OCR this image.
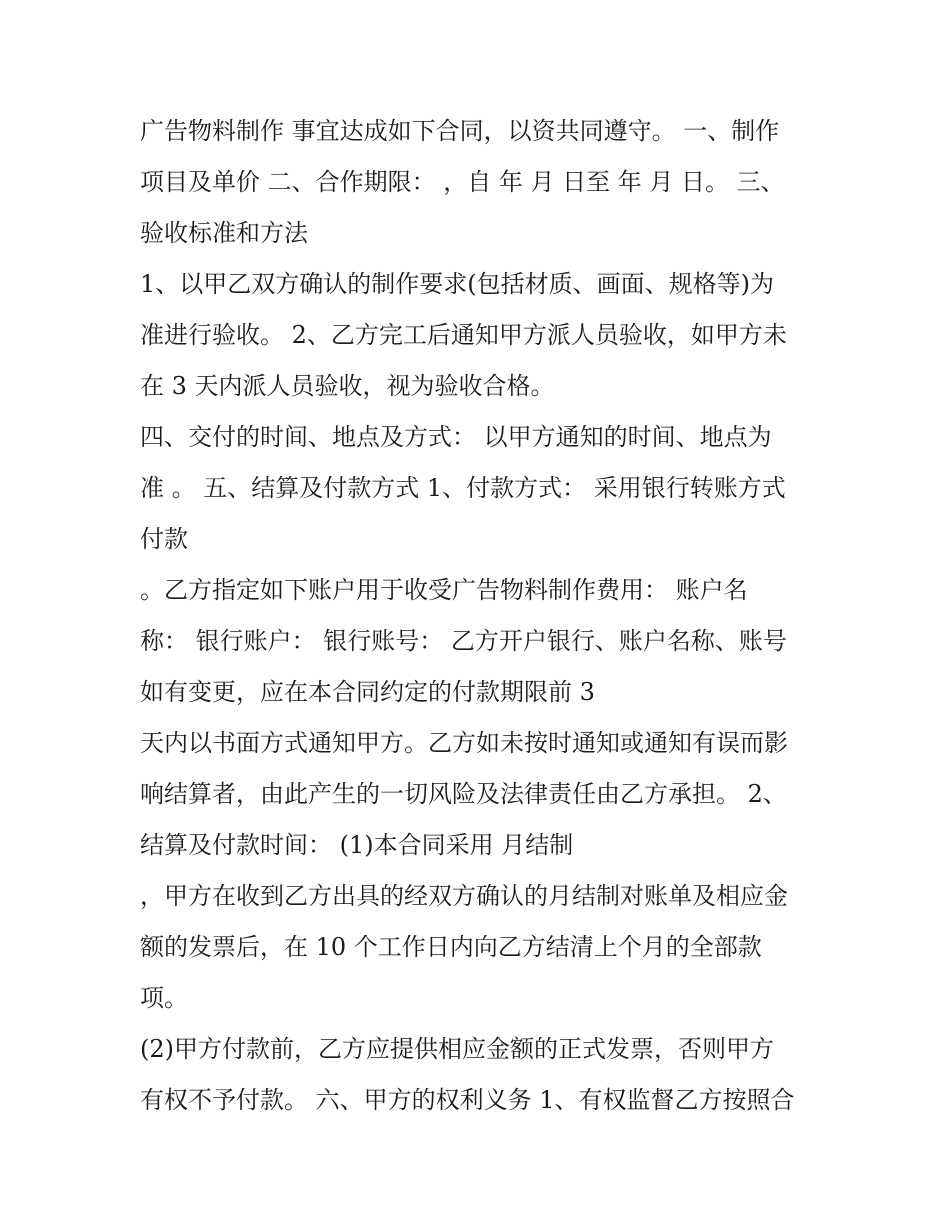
广告物料制作 事宜达成如下合同，以资共同遵守。 一、制作
项目及单价 二、合作期限： ，自 年 月 日至 年 月 日。 三、
验收标准和方法
1、以甲乙双方确认的制作要求(包括材质、画面、规格等)为
准进行验收。 2、乙方完工后通知甲方派人员验收，如甲方未
在 3 天内派人员验收，视为验收合格。
四、交付的时间、地点及方式： 以甲方通知的时间、地点为
准 。 五、结算及付款方式 1、付款方式： 采用银行转账方式
付款
。乙方指定如下账户用于收受广告物料制作费用： 账户名
称： 银行账户： 银行账号： 乙方开户银行、账户名称、账号
如有变更，应在本合同约定的付款期限前 3
天内以书面方式通知甲方。乙方如未按时通知或通知有误而影
响结算者，由此产生的一切风险及法律责任由乙方承担。 2、
结算及付款时间： (1)本合同采用 月结制
，甲方在收到乙方出具的经双方确认的月结制对账单及相应金
额的发票后，在 10 个工作日内向乙方结清上个月的全部款
项。
(2)甲方付款前，乙方应提供相应金额的正式发票，否则甲方
有权不予付款。 六、甲方的权利义务 1、有权监督乙方按照合
